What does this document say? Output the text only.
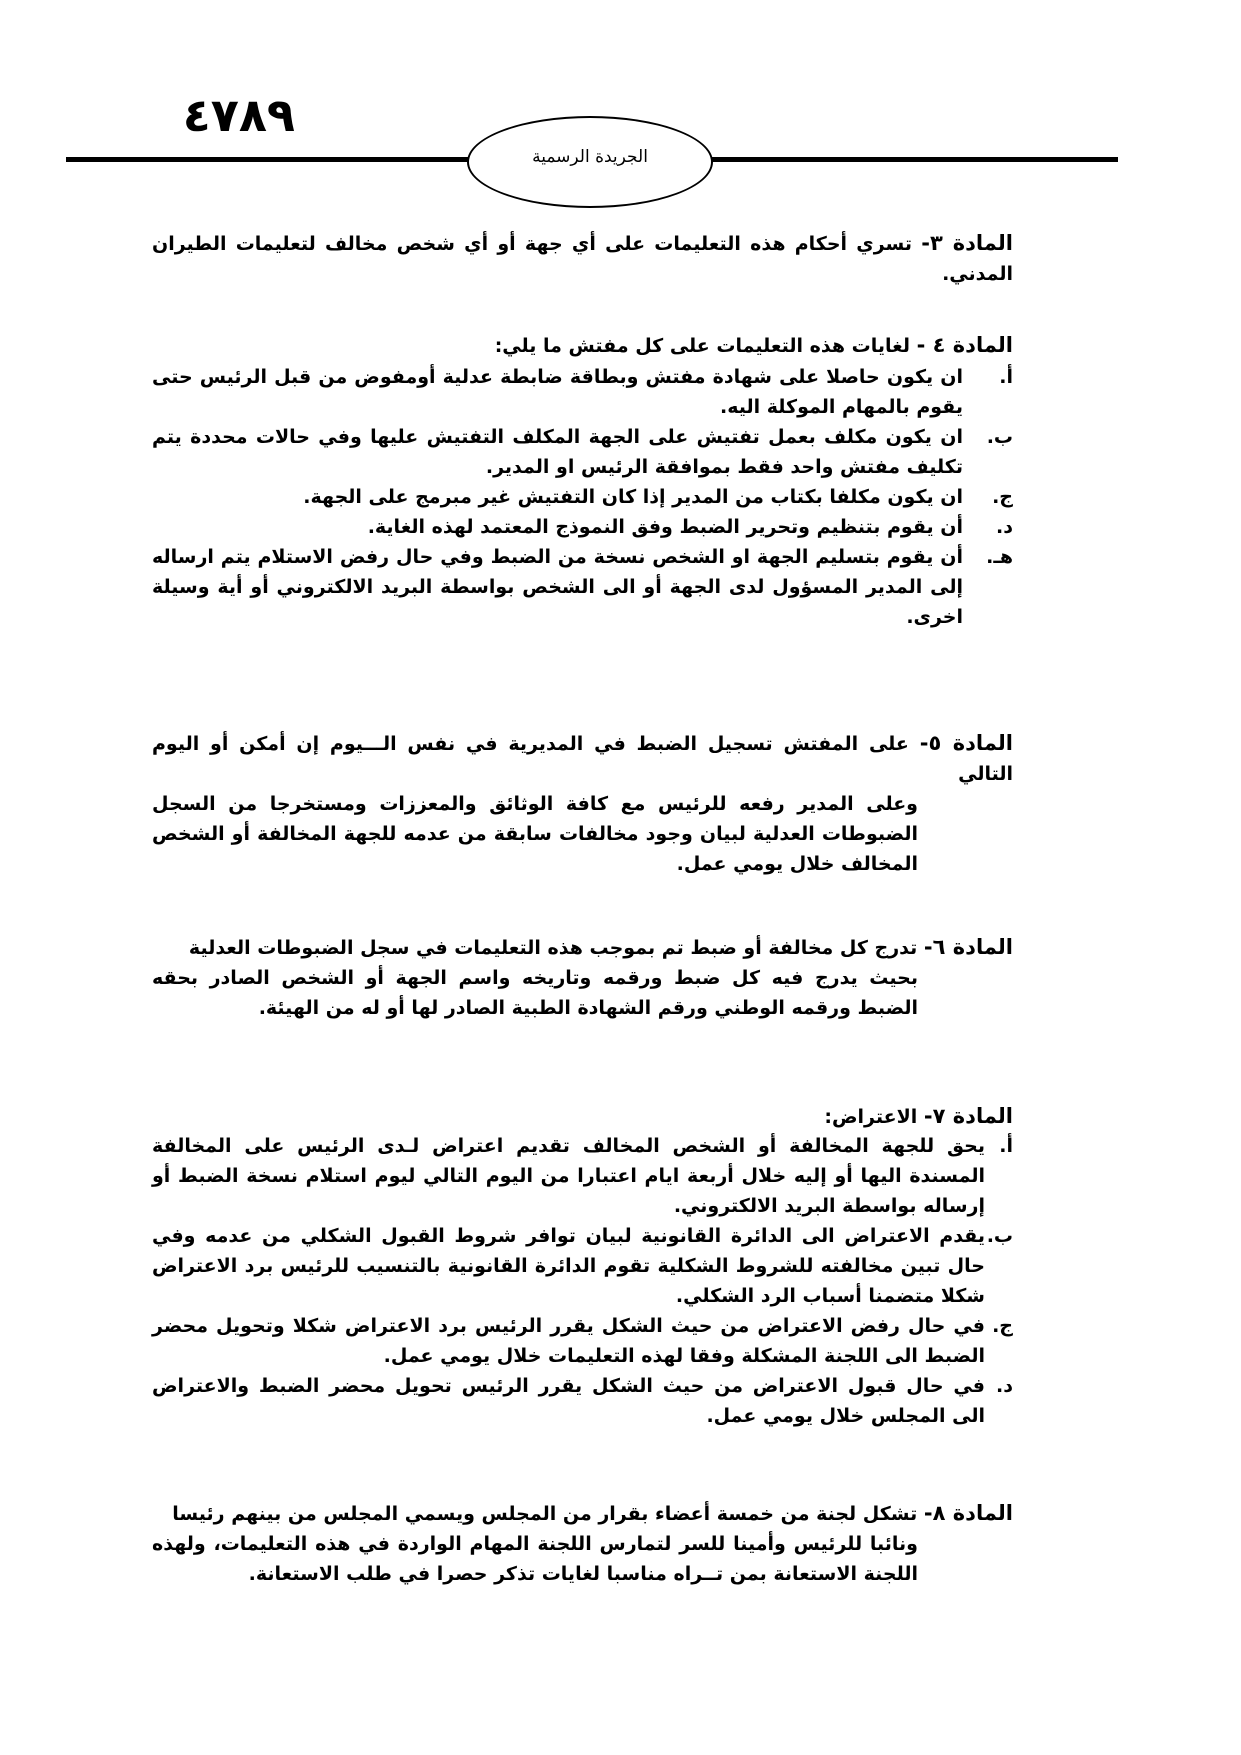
٤٧٨٩
الجريدة الرسمية
المادة ٣- تسري أحكام هذه التعليمات على أي جهة أو أي شخص مخالف لتعليمات الطيران المدني.
المادة ٤ - لغايات هذه التعليمات على كل مفتش ما يلي:
أ.
ان يكون حاصلا على شهادة مفتش وبطاقة ضابطة عدلية أومفوض من قبل الرئيس حتى يقوم بالمهام الموكلة اليه.
ب.
ان يكون مكلف بعمل تفتيش على الجهة المكلف التفتيش عليها وفي حالات محددة يتم تكليف مفتش واحد فقط بموافقة الرئيس او المدير.
ج.
ان يكون مكلفا بكتاب من المدير إذا كان التفتيش غير مبرمج على الجهة.
د.
أن يقوم بتنظيم وتحرير الضبط وفق النموذج المعتمد لهذه الغاية.
هـ.
أن يقوم بتسليم الجهة او الشخص نسخة من الضبط وفي حال رفض الاستلام يتم ارساله إلى المدير المسؤول لدى الجهة أو الى الشخص بواسطة البريد الالكتروني أو أية وسيلة اخرى.
المادة ٥- على المفتش تسجيل الضبط في المديرية في نفس الـــيوم إن أمكن أو اليوم التالي
وعلى المدير رفعه للرئيس مع كافة الوثائق والمعززات ومستخرجا من السجل الضبوطات العدلية لبيان وجود مخالفات سابقة من عدمه للجهة المخالفة أو الشخص المخالف خلال يومي عمل.
المادة ٦- تدرج كل مخالفة أو ضبط تم بموجب هذه التعليمات في سجل الضبوطات العدلية
بحيث يدرج فيه كل ضبط ورقمه وتاريخه واسم الجهة أو الشخص الصادر بحقه الضبط ورقمه الوطني ورقم الشهادة الطبية الصادر لها أو له من الهيئة.
المادة ٧- الاعتراض:
أ.
يحق للجهة المخالفة أو الشخص المخالف تقديم اعتراض لـدى الرئيس على المخالفة المسندة اليها أو إليه خلال أربعة ايام اعتبارا من اليوم التالي ليوم استلام نسخة الضبط أو إرساله بواسطة البريد الالكتروني.
ب.
يقدم الاعتراض الى الدائرة القانونية لبيان توافر شروط القبول الشكلي من عدمه وفي حال تبين مخالفته للشروط الشكلية تقوم الدائرة القانونية بالتنسيب للرئيس برد الاعتراض شكلا متضمنا أسباب الرد الشكلي.
ج.
في حال رفض الاعتراض من حيث الشكل يقرر الرئيس برد الاعتراض شكلا وتحويل محضر الضبط الى اللجنة المشكلة وفقا لهذه التعليمات خلال يومي عمل.
د.
في حال قبول الاعتراض من حيث الشكل يقرر الرئيس تحويل محضر الضبط والاعتراض الى المجلس خلال يومي عمل.
المادة ٨- تشكل لجنة من خمسة أعضاء بقرار من المجلس ويسمي المجلس من بينهم رئيسا
ونائبا للرئيس وأمينا للسر لتمارس اللجنة المهام الواردة في هذه التعليمات، ولهذه اللجنة الاستعانة بمن تــراه مناسبا لغايات تذكر حصرا في طلب الاستعانة.
